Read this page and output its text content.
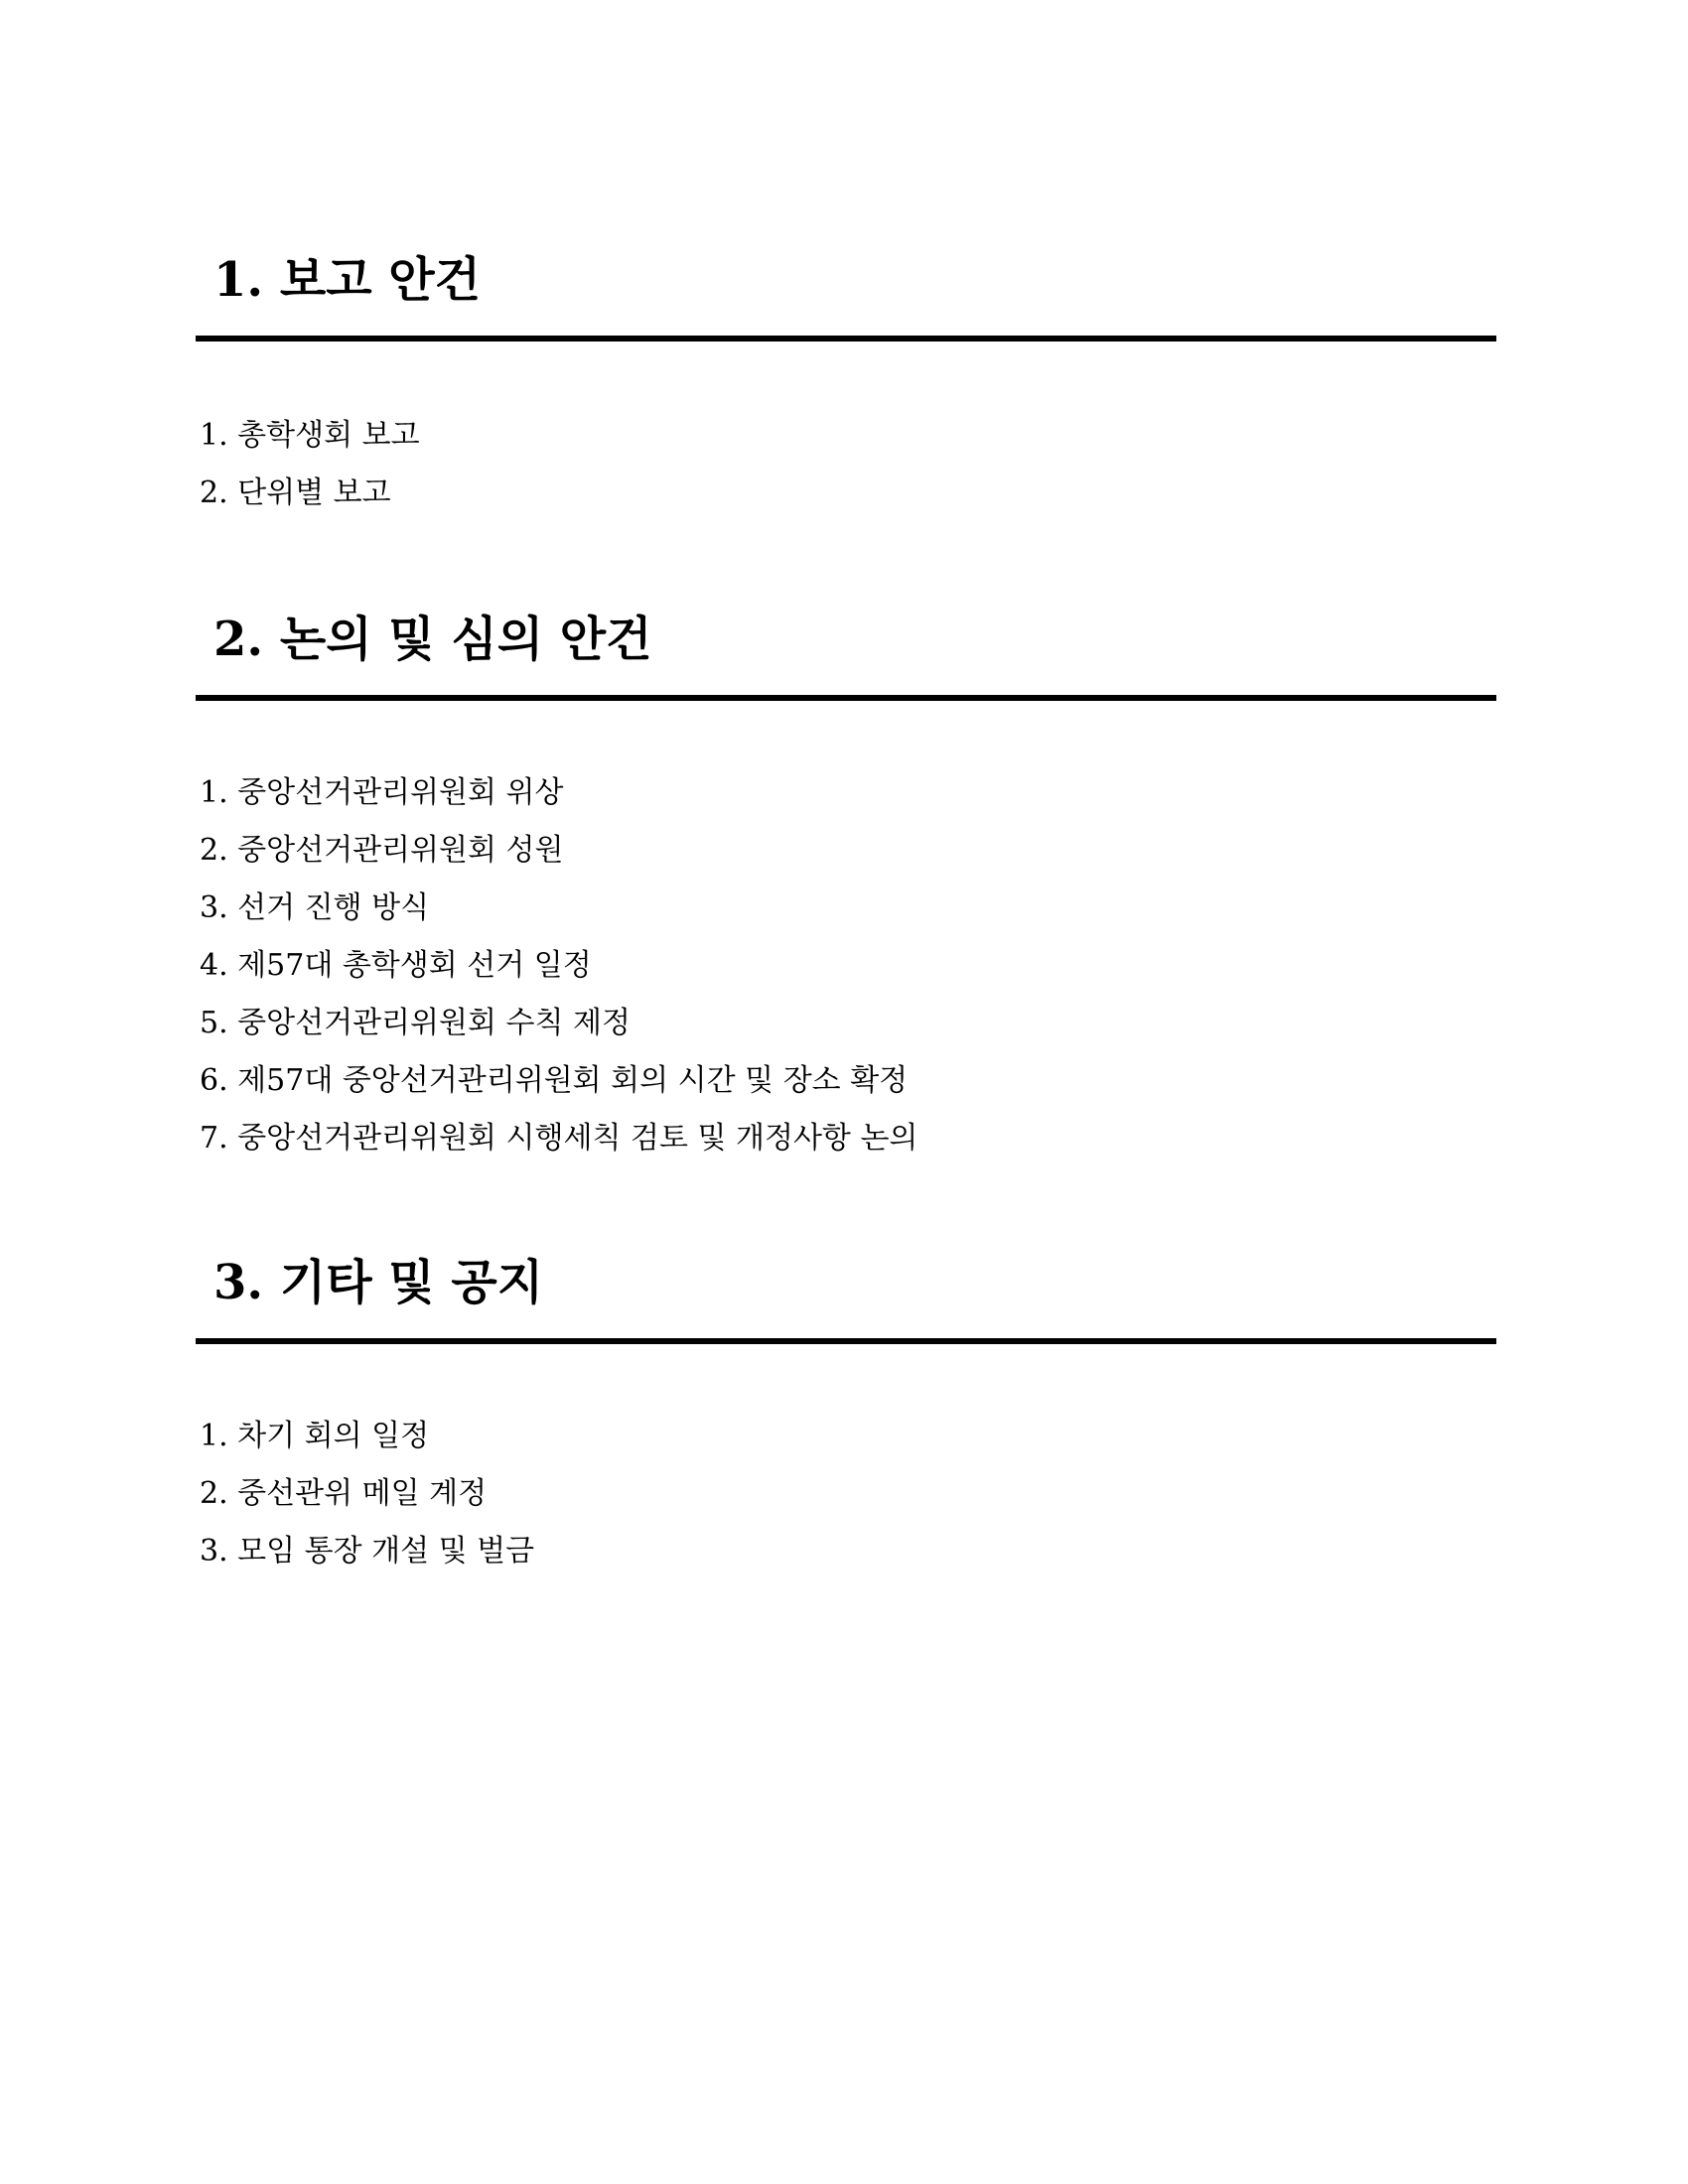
1. 보고 안건
1. 총학생회 보고
2. 단위별 보고
2. 논의 및 심의 안건
1. 중앙선거관리위원회 위상
2. 중앙선거관리위원회 성원
3. 선거 진행 방식
4. 제57대 총학생회 선거 일정
5. 중앙선거관리위원회 수칙 제정
6. 제57대 중앙선거관리위원회 회의 시간 및 장소 확정
7. 중앙선거관리위원회 시행세칙 검토 및 개정사항 논의
3. 기타 및 공지
1. 차기 회의 일정
2. 중선관위 메일 계정
3. 모임 통장 개설 및 벌금
